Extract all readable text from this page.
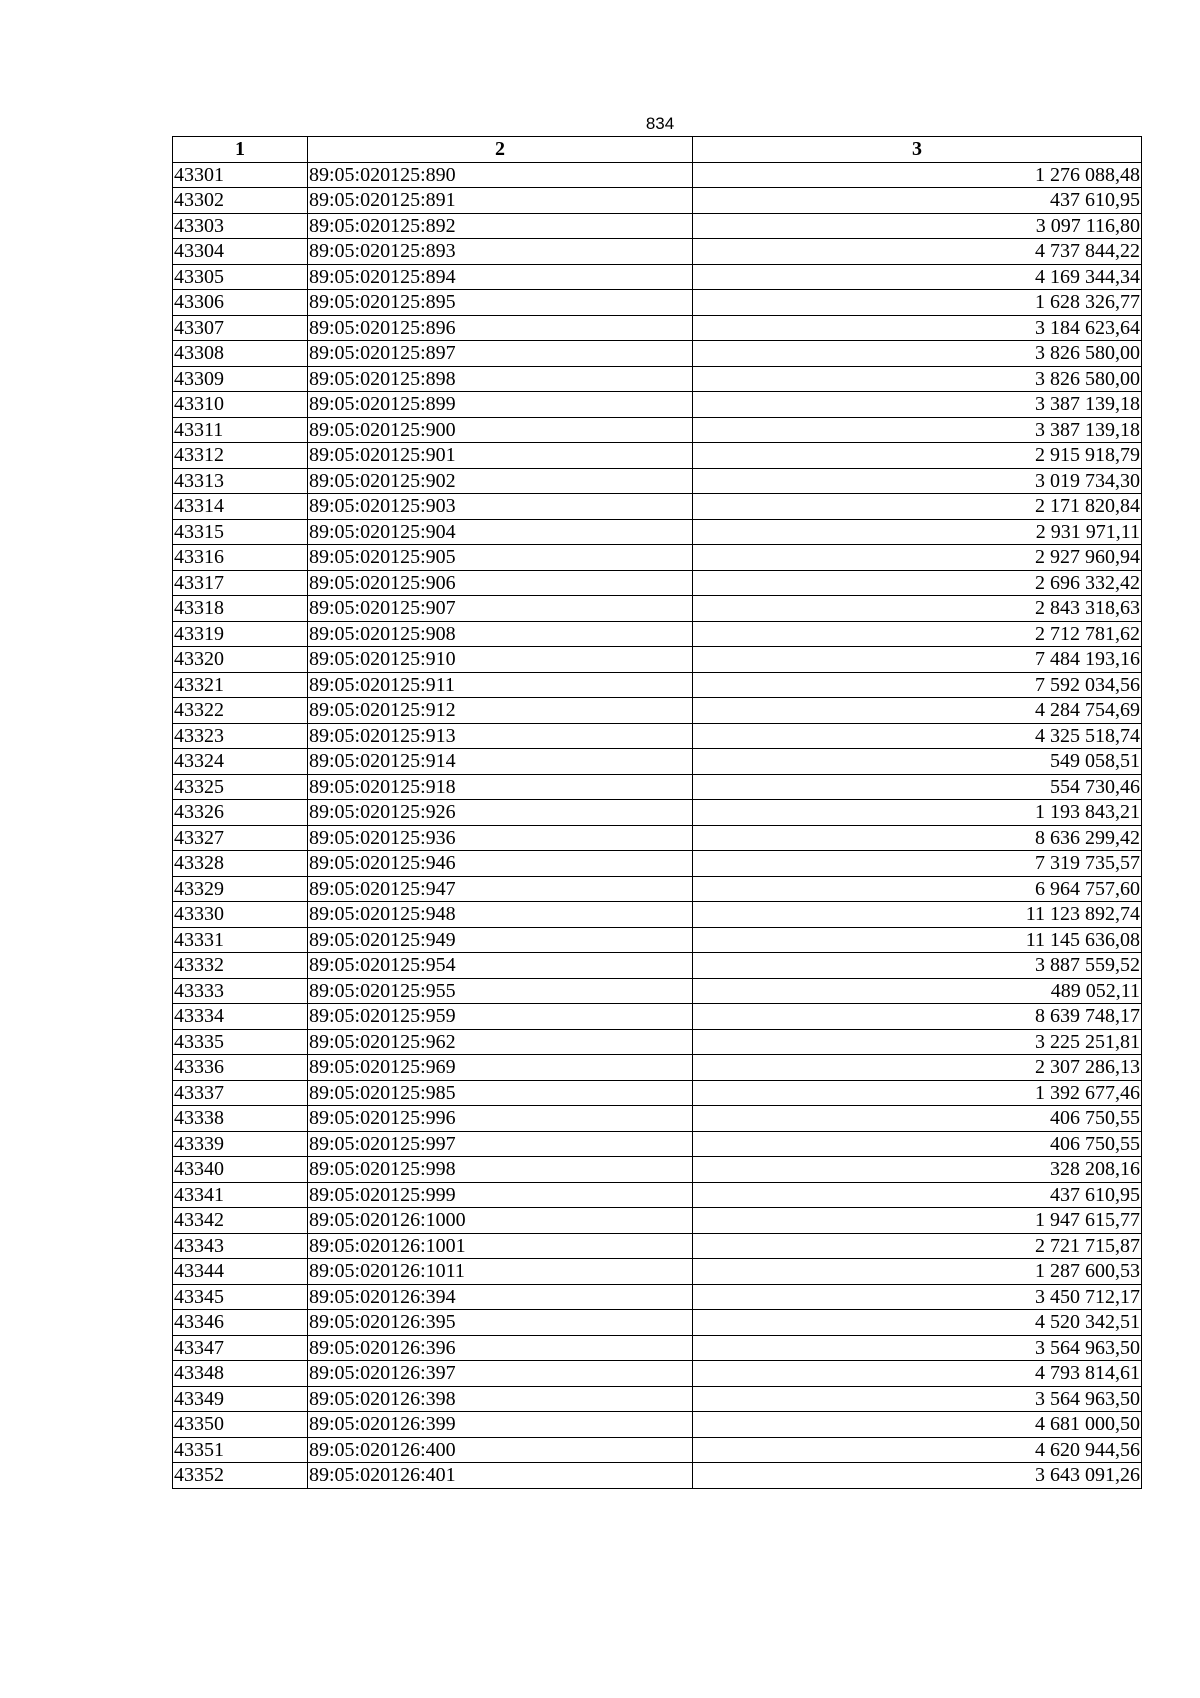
834
1	2	3
43301	89:05:020125:890	1 276 088,48
43302	89:05:020125:891	437 610,95
43303	89:05:020125:892	3 097 116,80
43304	89:05:020125:893	4 737 844,22
43305	89:05:020125:894	4 169 344,34
43306	89:05:020125:895	1 628 326,77
43307	89:05:020125:896	3 184 623,64
43308	89:05:020125:897	3 826 580,00
43309	89:05:020125:898	3 826 580,00
43310	89:05:020125:899	3 387 139,18
43311	89:05:020125:900	3 387 139,18
43312	89:05:020125:901	2 915 918,79
43313	89:05:020125:902	3 019 734,30
43314	89:05:020125:903	2 171 820,84
43315	89:05:020125:904	2 931 971,11
43316	89:05:020125:905	2 927 960,94
43317	89:05:020125:906	2 696 332,42
43318	89:05:020125:907	2 843 318,63
43319	89:05:020125:908	2 712 781,62
43320	89:05:020125:910	7 484 193,16
43321	89:05:020125:911	7 592 034,56
43322	89:05:020125:912	4 284 754,69
43323	89:05:020125:913	4 325 518,74
43324	89:05:020125:914	549 058,51
43325	89:05:020125:918	554 730,46
43326	89:05:020125:926	1 193 843,21
43327	89:05:020125:936	8 636 299,42
43328	89:05:020125:946	7 319 735,57
43329	89:05:020125:947	6 964 757,60
43330	89:05:020125:948	11 123 892,74
43331	89:05:020125:949	11 145 636,08
43332	89:05:020125:954	3 887 559,52
43333	89:05:020125:955	489 052,11
43334	89:05:020125:959	8 639 748,17
43335	89:05:020125:962	3 225 251,81
43336	89:05:020125:969	2 307 286,13
43337	89:05:020125:985	1 392 677,46
43338	89:05:020125:996	406 750,55
43339	89:05:020125:997	406 750,55
43340	89:05:020125:998	328 208,16
43341	89:05:020125:999	437 610,95
43342	89:05:020126:1000	1 947 615,77
43343	89:05:020126:1001	2 721 715,87
43344	89:05:020126:1011	1 287 600,53
43345	89:05:020126:394	3 450 712,17
43346	89:05:020126:395	4 520 342,51
43347	89:05:020126:396	3 564 963,50
43348	89:05:020126:397	4 793 814,61
43349	89:05:020126:398	3 564 963,50
43350	89:05:020126:399	4 681 000,50
43351	89:05:020126:400	4 620 944,56
43352	89:05:020126:401	3 643 091,26
